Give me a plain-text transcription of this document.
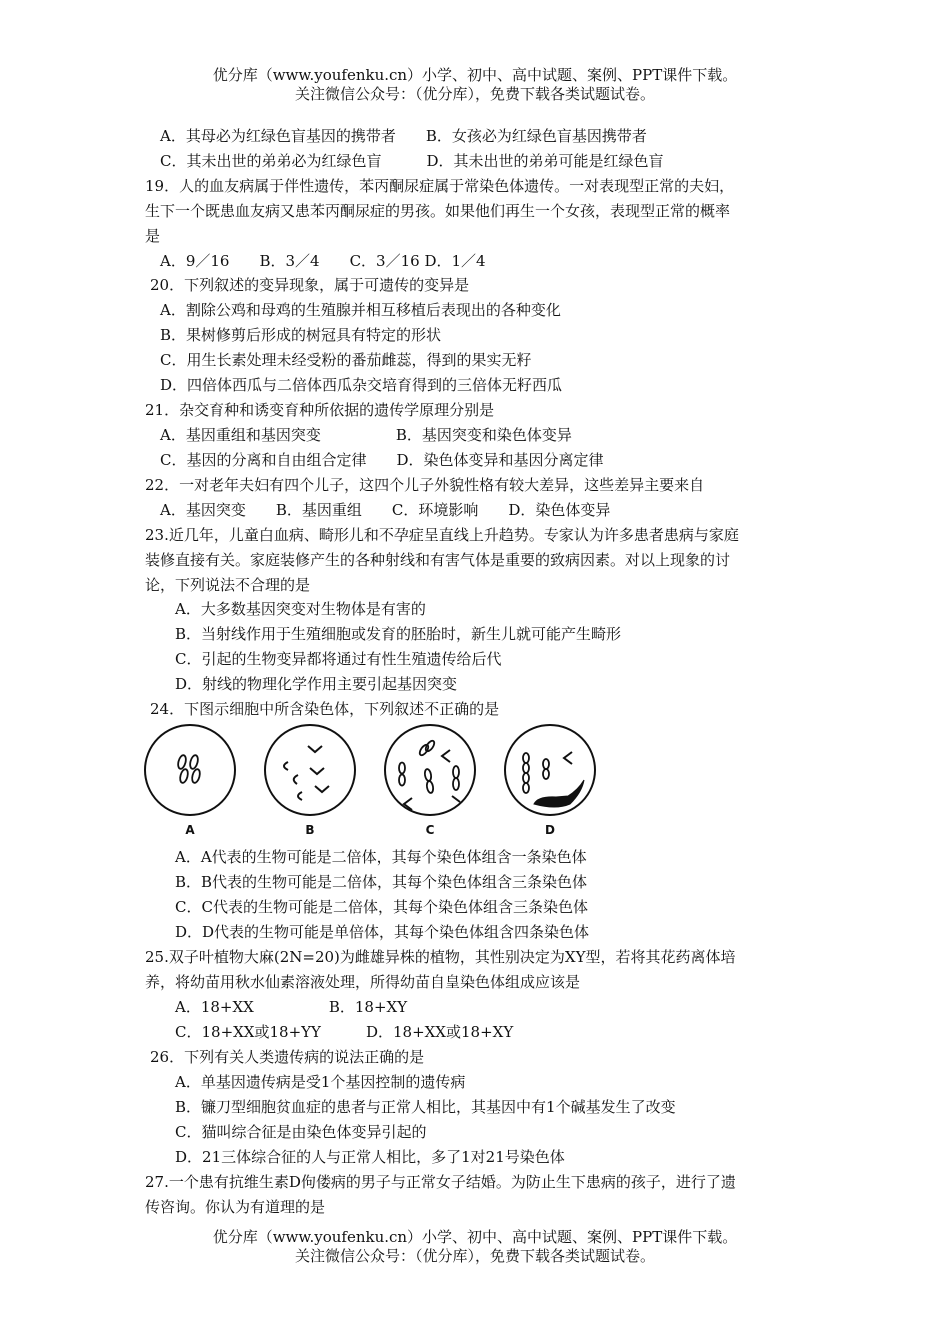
优分库（www.youfenku.cn）小学、初中、高中试题、案例、PPT课件下载。
关注微信公众号：（优分库），免费下载各类试题试卷。
A．其母必为红绿色盲基因的携带者　　B．女孩必为红绿色盲基因携带者
C．其未出世的弟弟必为红绿色盲　　　D．其未出世的弟弟可能是红绿色盲
19．人的血友病属于伴性遗传，苯丙酮尿症属于常染色体遗传。一对表现型正常的夫妇，
生下一个既患血友病又患苯丙酮尿症的男孩。如果他们再生一个女孩，表现型正常的概率
是
A．9／16　　B．3／4　　C．3／16 D．1／4
20．下列叙述的变异现象，属于可遗传的变异是
A．割除公鸡和母鸡的生殖腺并相互移植后表现出的各种变化
B．果树修剪后形成的树冠具有特定的形状
C．用生长素处理未经受粉的番茄雌蕊，得到的果实无籽
D．四倍体西瓜与二倍体西瓜杂交培育得到的三倍体无籽西瓜
21．杂交育种和诱变育种所依据的遗传学原理分别是
A．基因重组和基因突变　　　　　B．基因突变和染色体变异
C．基因的分离和自由组合定律　　D．染色体变异和基因分离定律
22．一对老年夫妇有四个儿子，这四个儿子外貌性格有较大差异，这些差异主要来自
A．基因突变　　B．基因重组　　C．环境影响　　D．染色体变异
23.近几年，儿童白血病、畸形儿和不孕症呈直线上升趋势。专家认为许多患者患病与家庭
装修直接有关。家庭装修产生的各种射线和有害气体是重要的致病因素。对以上现象的讨
论，下列说法不合理的是
A．大多数基因突变对生物体是有害的
B．当射线作用于生殖细胞或发育的胚胎时，新生儿就可能产生畸形
C．引起的生物变异都将通过有性生殖遗传给后代
D．射线的物理化学作用主要引起基因突变
24．下图示细胞中所含染色体，下列叙述不正确的是
A	B	C	D
A．A代表的生物可能是二倍体，其每个染色体组含一条染色体
B．B代表的生物可能是二倍体，其每个染色体组含三条染色体
C．C代表的生物可能是二倍体，其每个染色体组含三条染色体
D．D代表的生物可能是单倍体，其每个染色体组含四条染色体
25.双子叶植物大麻(2N=20)为雌雄异株的植物，其性别决定为XY型，若将其花药离体培
养，将幼苗用秋水仙素溶液处理，所得幼苗自皇染色体组成应该是
A．18+XX　　　　　B．18+XY
C．18+XX或18+YY　　　D．18+XX或18+XY
26．下列有关人类遗传病的说法正确的是
A．单基因遗传病是受1个基因控制的遗传病
B．镰刀型细胞贫血症的患者与正常人相比，其基因中有1个碱基发生了改变
C．猫叫综合征是由染色体变异引起的
D．21三体综合征的人与正常人相比，多了1对21号染色体
27.一个患有抗维生素D佝偻病的男子与正常女子结婚。为防止生下患病的孩子，进行了遗
传咨询。你认为有道理的是
优分库（www.youfenku.cn）小学、初中、高中试题、案例、PPT课件下载。
关注微信公众号：（优分库），免费下载各类试题试卷。
